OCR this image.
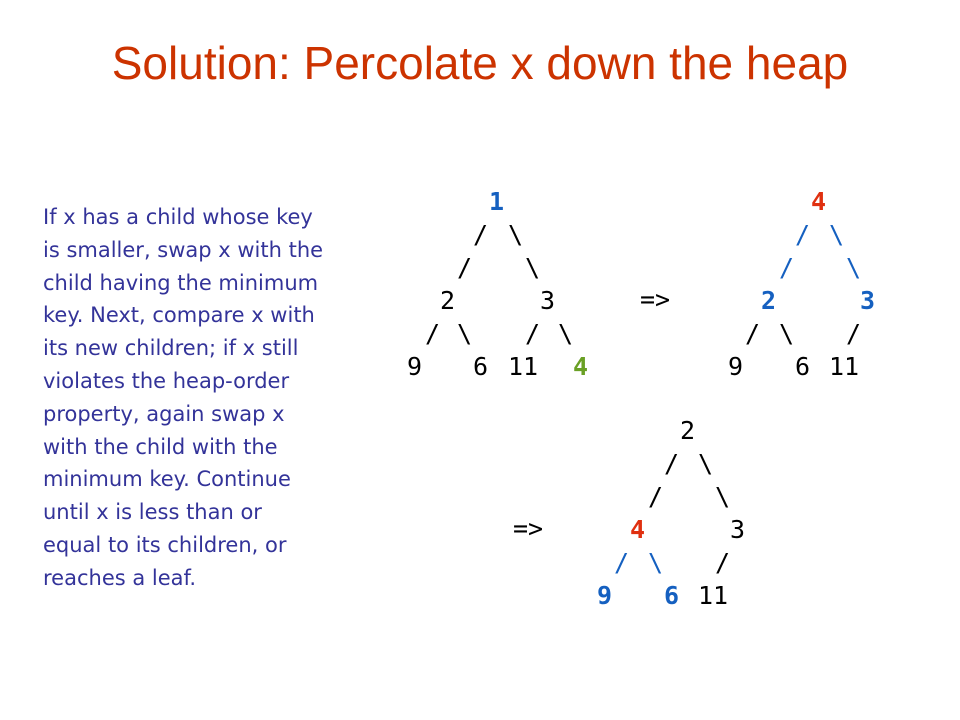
Solution: Percolate x down the heap
If x has a child whose key
is smaller, swap x with the
child having the minimum
key. Next, compare x with
its new children; if x still
violates the heap-order
property, again swap x
with the child with the
minimum key. Continue
until x is less than or
equal to its children, or
reaches a leaf.
1
/ \
/ \
2	3
/ \ / \
9 6 11 4
=>
4
/ \
/ \
2	3
/ \ /
9 6 11
=>
2
/ \
/ \
4	3
/ \ /
9 6 11
